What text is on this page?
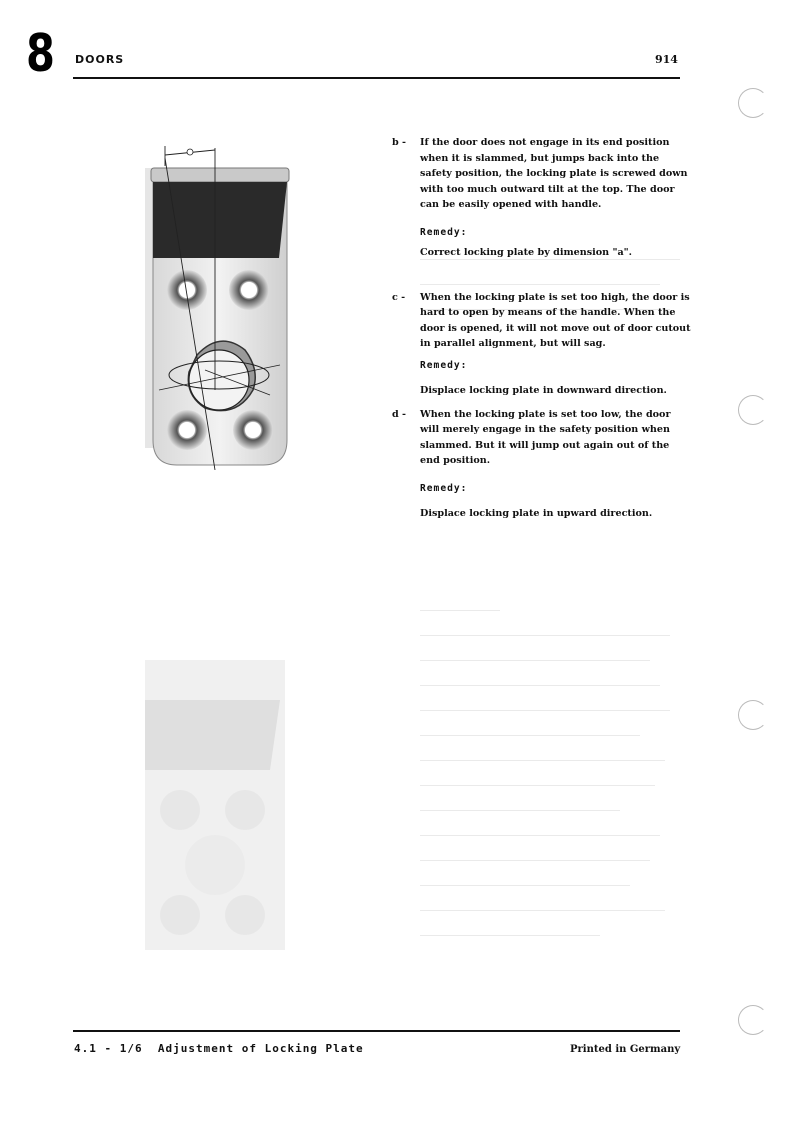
8 DOORS	914
b - If the door does not engage in its end position when it is slammed, but jumps back into the safety position, the locking plate is screwed down with too much outward tilt at the top. The door can be easily opened with handle.
Remedy:
Correct locking plate by dimension "a".
c - When the locking plate is set too high, the door is hard to open by means of the handle. When the door is opened, it will not move out of door cutout in parallel alignment, but will sag.
Remedy:
Displace locking plate in downward direction.
d - When the locking plate is set too low, the door will merely engage in the safety position when slammed. But it will jump out again out of the end position.
Remedy:
Displace locking plate in upward direction.
4.1 - 1/6 Adjustment of Locking Plate	Printed in Germany
